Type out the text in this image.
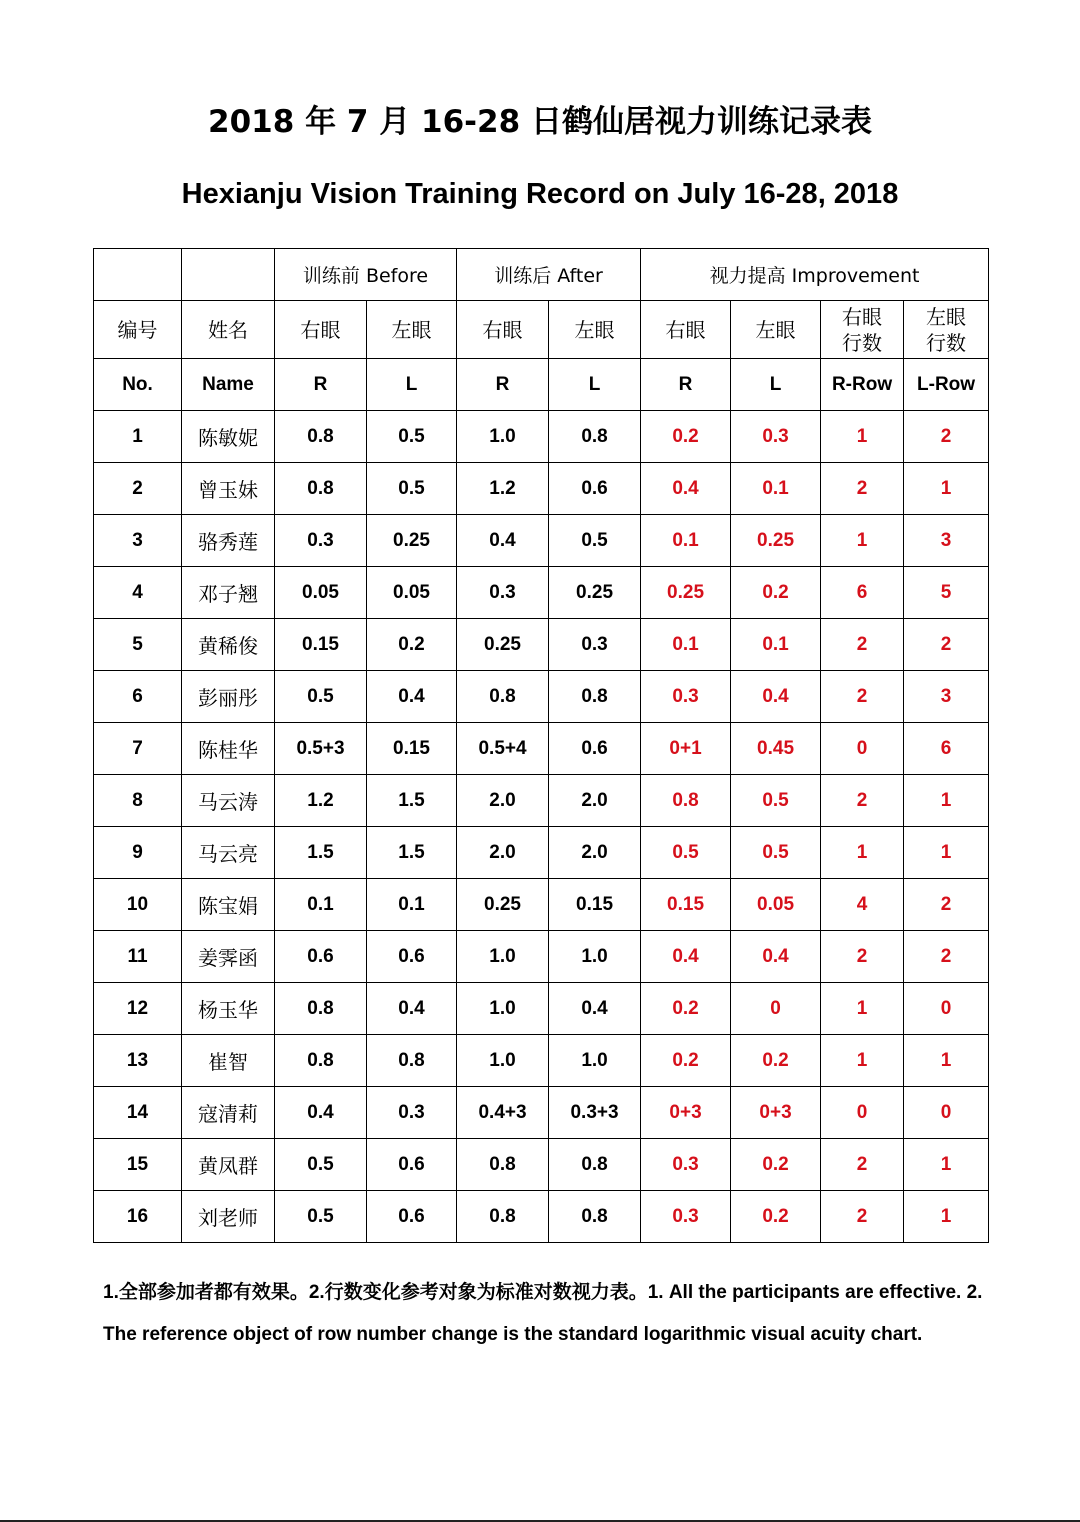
2018 年 7 月 16-28 日鹤仙居视力训练记录表
Hexianju Vision Training Record on July 16-28, 2018
		训练前 Before		训练后 After		视力提高 Improvement			
编号	姓名	右眼	左眼	右眼	左眼	右眼	左眼	右眼行数	左眼行数

No.	Name	R	L	R	L	R	L	R-Row	L-Row
1	陈敏妮	0.8	0.5	1.0	0.8	0.2	0.3	1	2
2	曾玉妹	0.8	0.5	1.2	0.6	0.4	0.1	2	1
3	骆秀莲	0.3	0.25	0.4	0.5	0.1	0.25	1	3
4	邓子翘	0.05	0.05	0.3	0.25	0.25	0.2	6	5
5	黄稀俊	0.15	0.2	0.25	0.3	0.1	0.1	2	2
6	彭丽彤	0.5	0.4	0.8	0.8	0.3	0.4	2	3
7	陈桂华	0.5+3	0.15	0.5+4	0.6	0+1	0.45	0	6
8	马云涛	1.2	1.5	2.0	2.0	0.8	0.5	2	1
9	马云亮	1.5	1.5	2.0	2.0	0.5	0.5	1	1
10	陈宝娟	0.1	0.1	0.25	0.15	0.15	0.05	4	2
11	姜霁函	0.6	0.6	1.0	1.0	0.4	0.4	2	2
12	杨玉华	0.8	0.4	1.0	0.4	0.2	0	1	0
13	崔智	0.8	0.8	1.0	1.0	0.2	0.2	1	1
14	寇清莉	0.4	0.3	0.4+3	0.3+3	0+3	0+3	0	0
15	黄凤群	0.5	0.6	0.8	0.8	0.3	0.2	2	1
16	刘老师	0.5	0.6	0.8	0.8	0.3	0.2	2	1
1.全部参加者都有效果。2.行数变化参考对象为标准对数视力表。1. All the participants are effective. 2. The reference object of row number change is the standard logarithmic visual acuity chart.
